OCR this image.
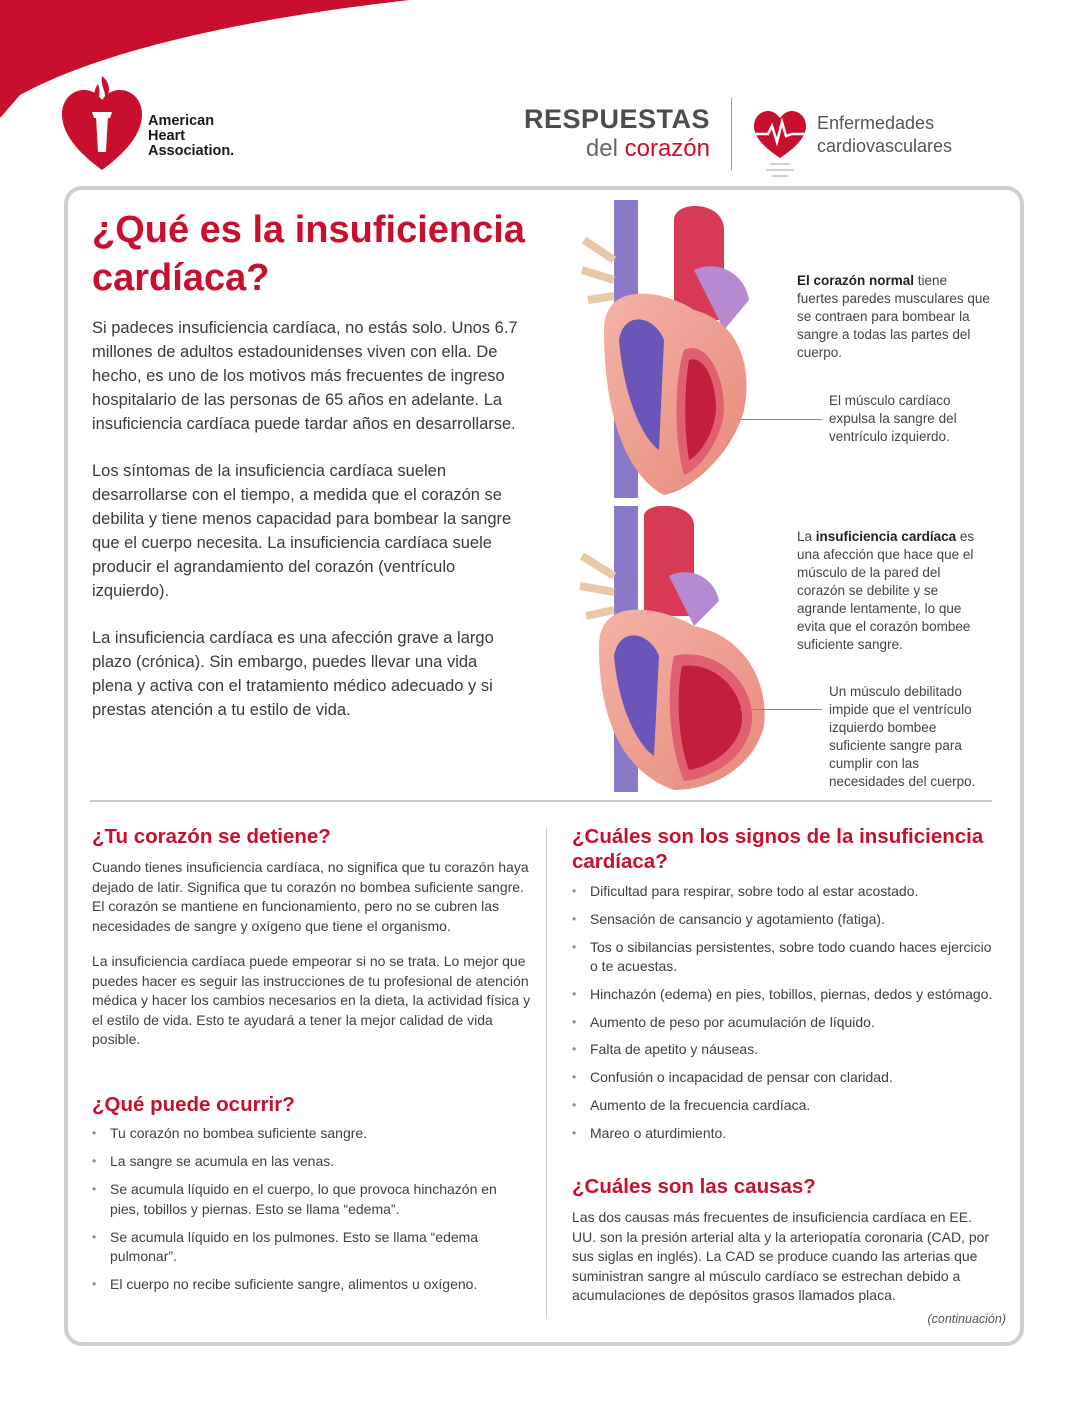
American
Heart
Association.
RESPUESTAS
del corazón
Enfermedades
cardiovasculares
¿Qué es la insuficiencia cardíaca?

Si padeces insuficiencia cardíaca, no estás solo. Unos 6.7 millones de adultos estadounidenses viven con ella. De hecho, es uno de los motivos más frecuentes de ingreso hospitalario de las personas de 65 años en adelante. La insuficiencia cardíaca puede tardar años en desarrollarse.

Los síntomas de la insuficiencia cardíaca suelen desarrollarse con el tiempo, a medida que el corazón se debilita y tiene menos capacidad para bombear la sangre que el cuerpo necesita. La insuficiencia cardíaca suele producir el agrandamiento del corazón (ventrículo izquierdo).

La insuficiencia cardíaca es una afección grave a largo plazo (crónica). Sin embargo, puedes llevar una vida plena y activa con el tratamiento médico adecuado y si prestas atención a tu estilo de vida.

El corazón normal tiene fuertes paredes musculares que se contraen para bombear la sangre a todas las partes del cuerpo.
El músculo cardíaco expulsa la sangre del ventrículo izquierdo.
La insuficiencia cardíaca es una afección que hace que el músculo de la pared del corazón se debilite y se agrande lentamente, lo que evita que el corazón bombee suficiente sangre.
Un músculo debilitado impide que el ventrículo izquierdo bombee suficiente sangre para cumplir con las necesidades del cuerpo.
¿Tu corazón se detiene?

Cuando tienes insuficiencia cardíaca, no significa que tu corazón haya dejado de latir. Significa que tu corazón no bombea suficiente sangre. El corazón se mantiene en funcionamiento, pero no se cubren las necesidades de sangre y oxígeno que tiene el organismo.

La insuficiencia cardíaca puede empeorar si no se trata. Lo mejor que puedes hacer es seguir las instrucciones de tu profesional de atención médica y hacer los cambios necesarios en la dieta, la actividad física y el estilo de vida. Esto te ayudará a tener la mejor calidad de vida posible.

¿Qué puede ocurrir?
• Tu corazón no bombea suficiente sangre.
• La sangre se acumula en las venas.
• Se acumula líquido en el cuerpo, lo que provoca hinchazón en pies, tobillos y piernas. Esto se llama “edema”.
• Se acumula líquido en los pulmones. Esto se llama “edema pulmonar”.
• El cuerpo no recibe suficiente sangre, alimentos u oxígeno.
¿Cuáles son los signos de la insuficiencia cardíaca?
• Dificultad para respirar, sobre todo al estar acostado.
• Sensación de cansancio y agotamiento (fatiga).
• Tos o sibilancias persistentes, sobre todo cuando haces ejercicio o te acuestas.
• Hinchazón (edema) en pies, tobillos, piernas, dedos y estómago.
• Aumento de peso por acumulación de líquido.
• Falta de apetito y náuseas.
• Confusión o incapacidad de pensar con claridad.
• Aumento de la frecuencia cardíaca.
• Mareo o aturdimiento.
¿Cuáles son las causas?

Las dos causas más frecuentes de insuficiencia cardíaca en EE. UU. son la presión arterial alta y la arteriopatía coronaria (CAD, por sus siglas en inglés). La CAD se produce cuando las arterias que suministran sangre al músculo cardíaco se estrechan debido a acumulaciones de depósitos grasos llamados placa.

(continuación)
